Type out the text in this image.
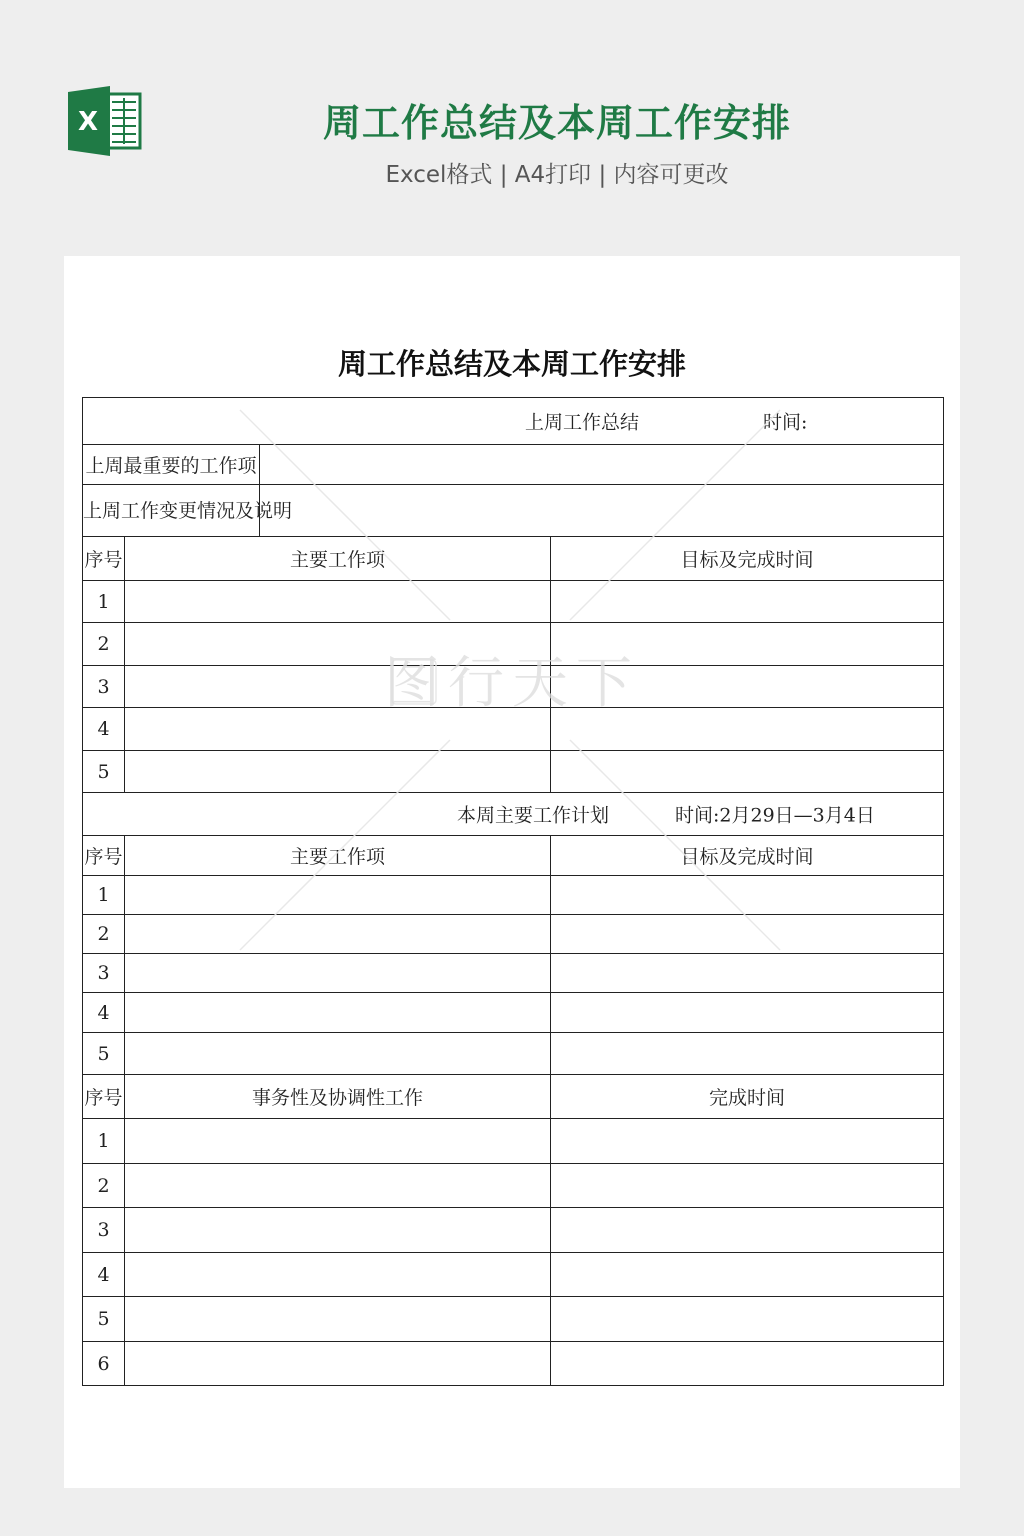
X	周工作总结及本周工作安排
Excel格式 | A4打印 | 内容可更改
周工作总结及本周工作安排
上周工作总结 时间:			

上周最重要的工作项			
上周工作变更情况及说明			
序号	主要工作项		目标及完成时间
1			
2			
3			
4			
5			

本周主要工作计划 时间:2月29日—3月4日			

序号	主要工作项		目标及完成时间
1			
2			
3			
4			
5			
序号	事务性及协调性工作		完成时间
1			
2			
3			
4			
5			
6			
图行天下
